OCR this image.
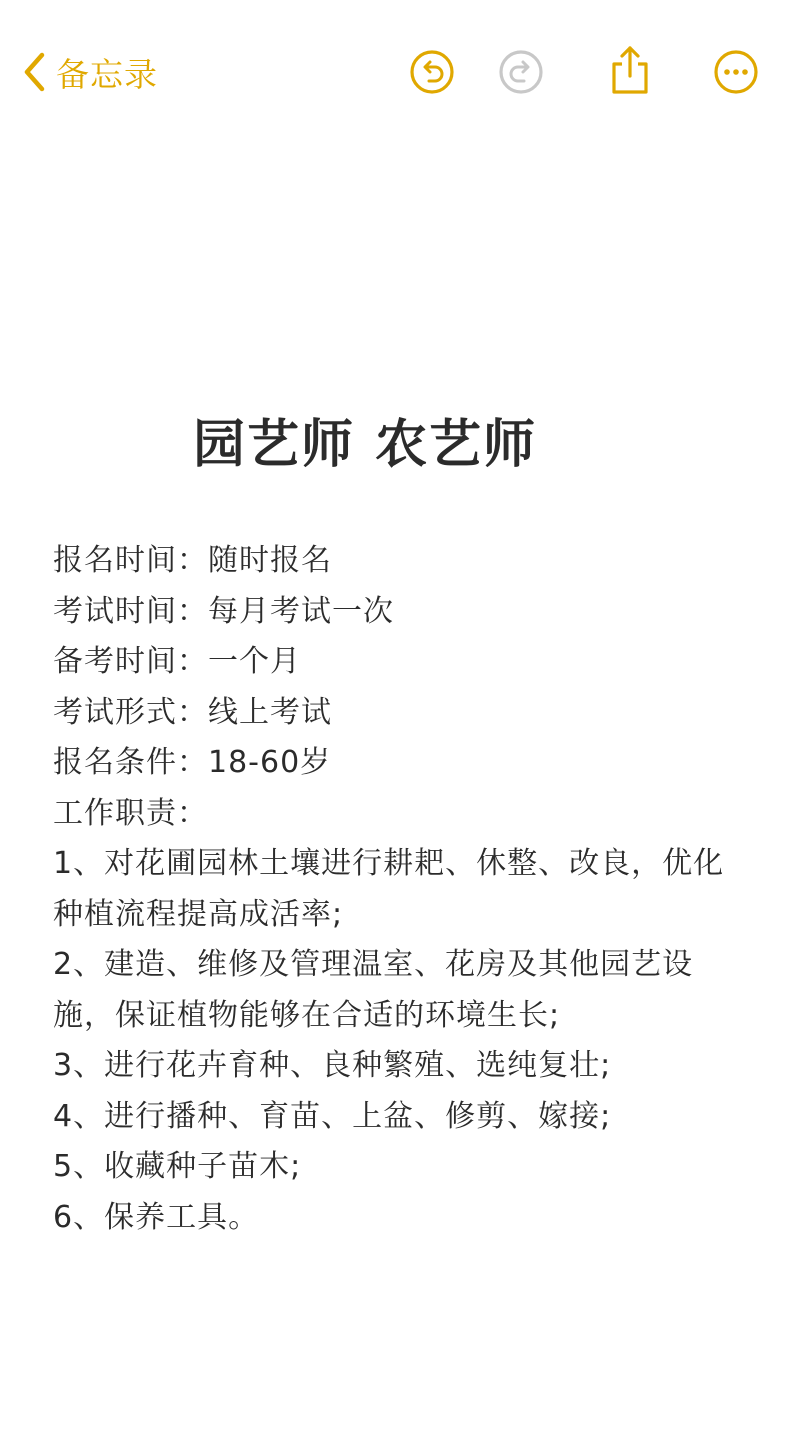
备忘录
园艺师 农艺师

报名时间：随时报名

考试时间：每月考试一次

备考时间：一个月

考试形式：线上考试

报名条件：18-60岁

工作职责：

1、对花圃园林土壤进行耕耙、休整、改良，优化种植流程提高成活率;

2、建造、维修及管理温室、花房及其他园艺设施，保证植物能够在合适的环境生长;

3、进行花卉育种、良种繁殖、选纯复壮;

4、进行播种、育苗、上盆、修剪、嫁接;

5、收藏种子苗木;

6、保养工具。
